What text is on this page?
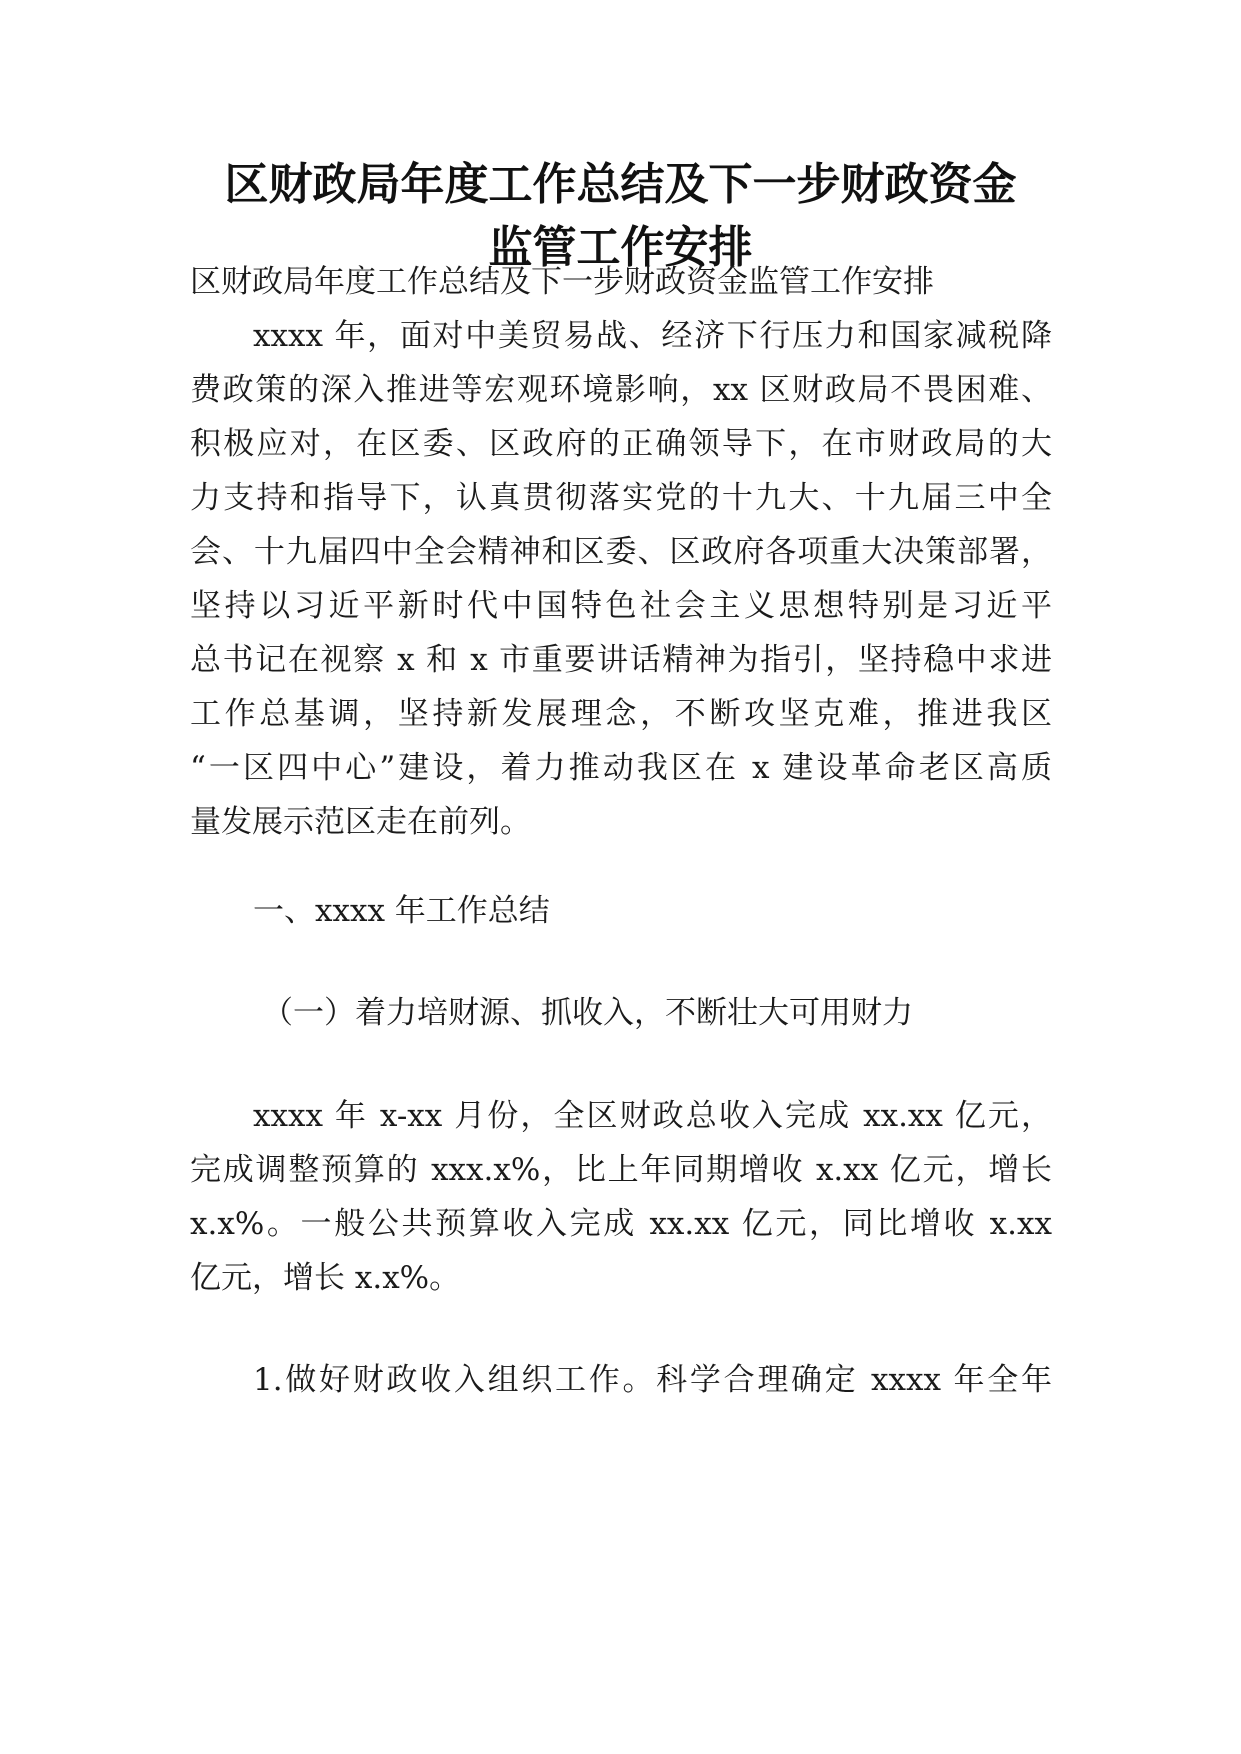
区财政局年度工作总结及下一步财政资金
监管工作安排

区财政局年度工作总结及下一步财政资金监管工作安排

xxxx 年，面对中美贸易战、经济下行压力和国家减税降

费政策的深入推进等宏观环境影响，xx 区财政局不畏困难、

积极应对，在区委、区政府的正确领导下，在市财政局的大

力支持和指导下，认真贯彻落实党的十九大、十九届三中全

会、十九届四中全会精神和区委、区政府各项重大决策部署，

坚持以习近平新时代中国特色社会主义思想特别是习近平

总书记在视察 x 和 x 市重要讲话精神为指引，坚持稳中求进

工作总基调，坚持新发展理念，不断攻坚克难，推进我区

“一区四中心”建设，着力推动我区在 x 建设革命老区高质

量发展示范区走在前列。

一、xxxx 年工作总结

（一）着力培财源、抓收入，不断壮大可用财力

xxxx 年 x-xx 月份，全区财政总收入完成 xx.xx 亿元，

完成调整预算的 xxx.x%，比上年同期增收 x.xx 亿元，增长

x.x%。一般公共预算收入完成 xx.xx 亿元，同比增收 x.xx

亿元，增长 x.x%。

1.做好财政收入组织工作。科学合理确定 xxxx 年全年
